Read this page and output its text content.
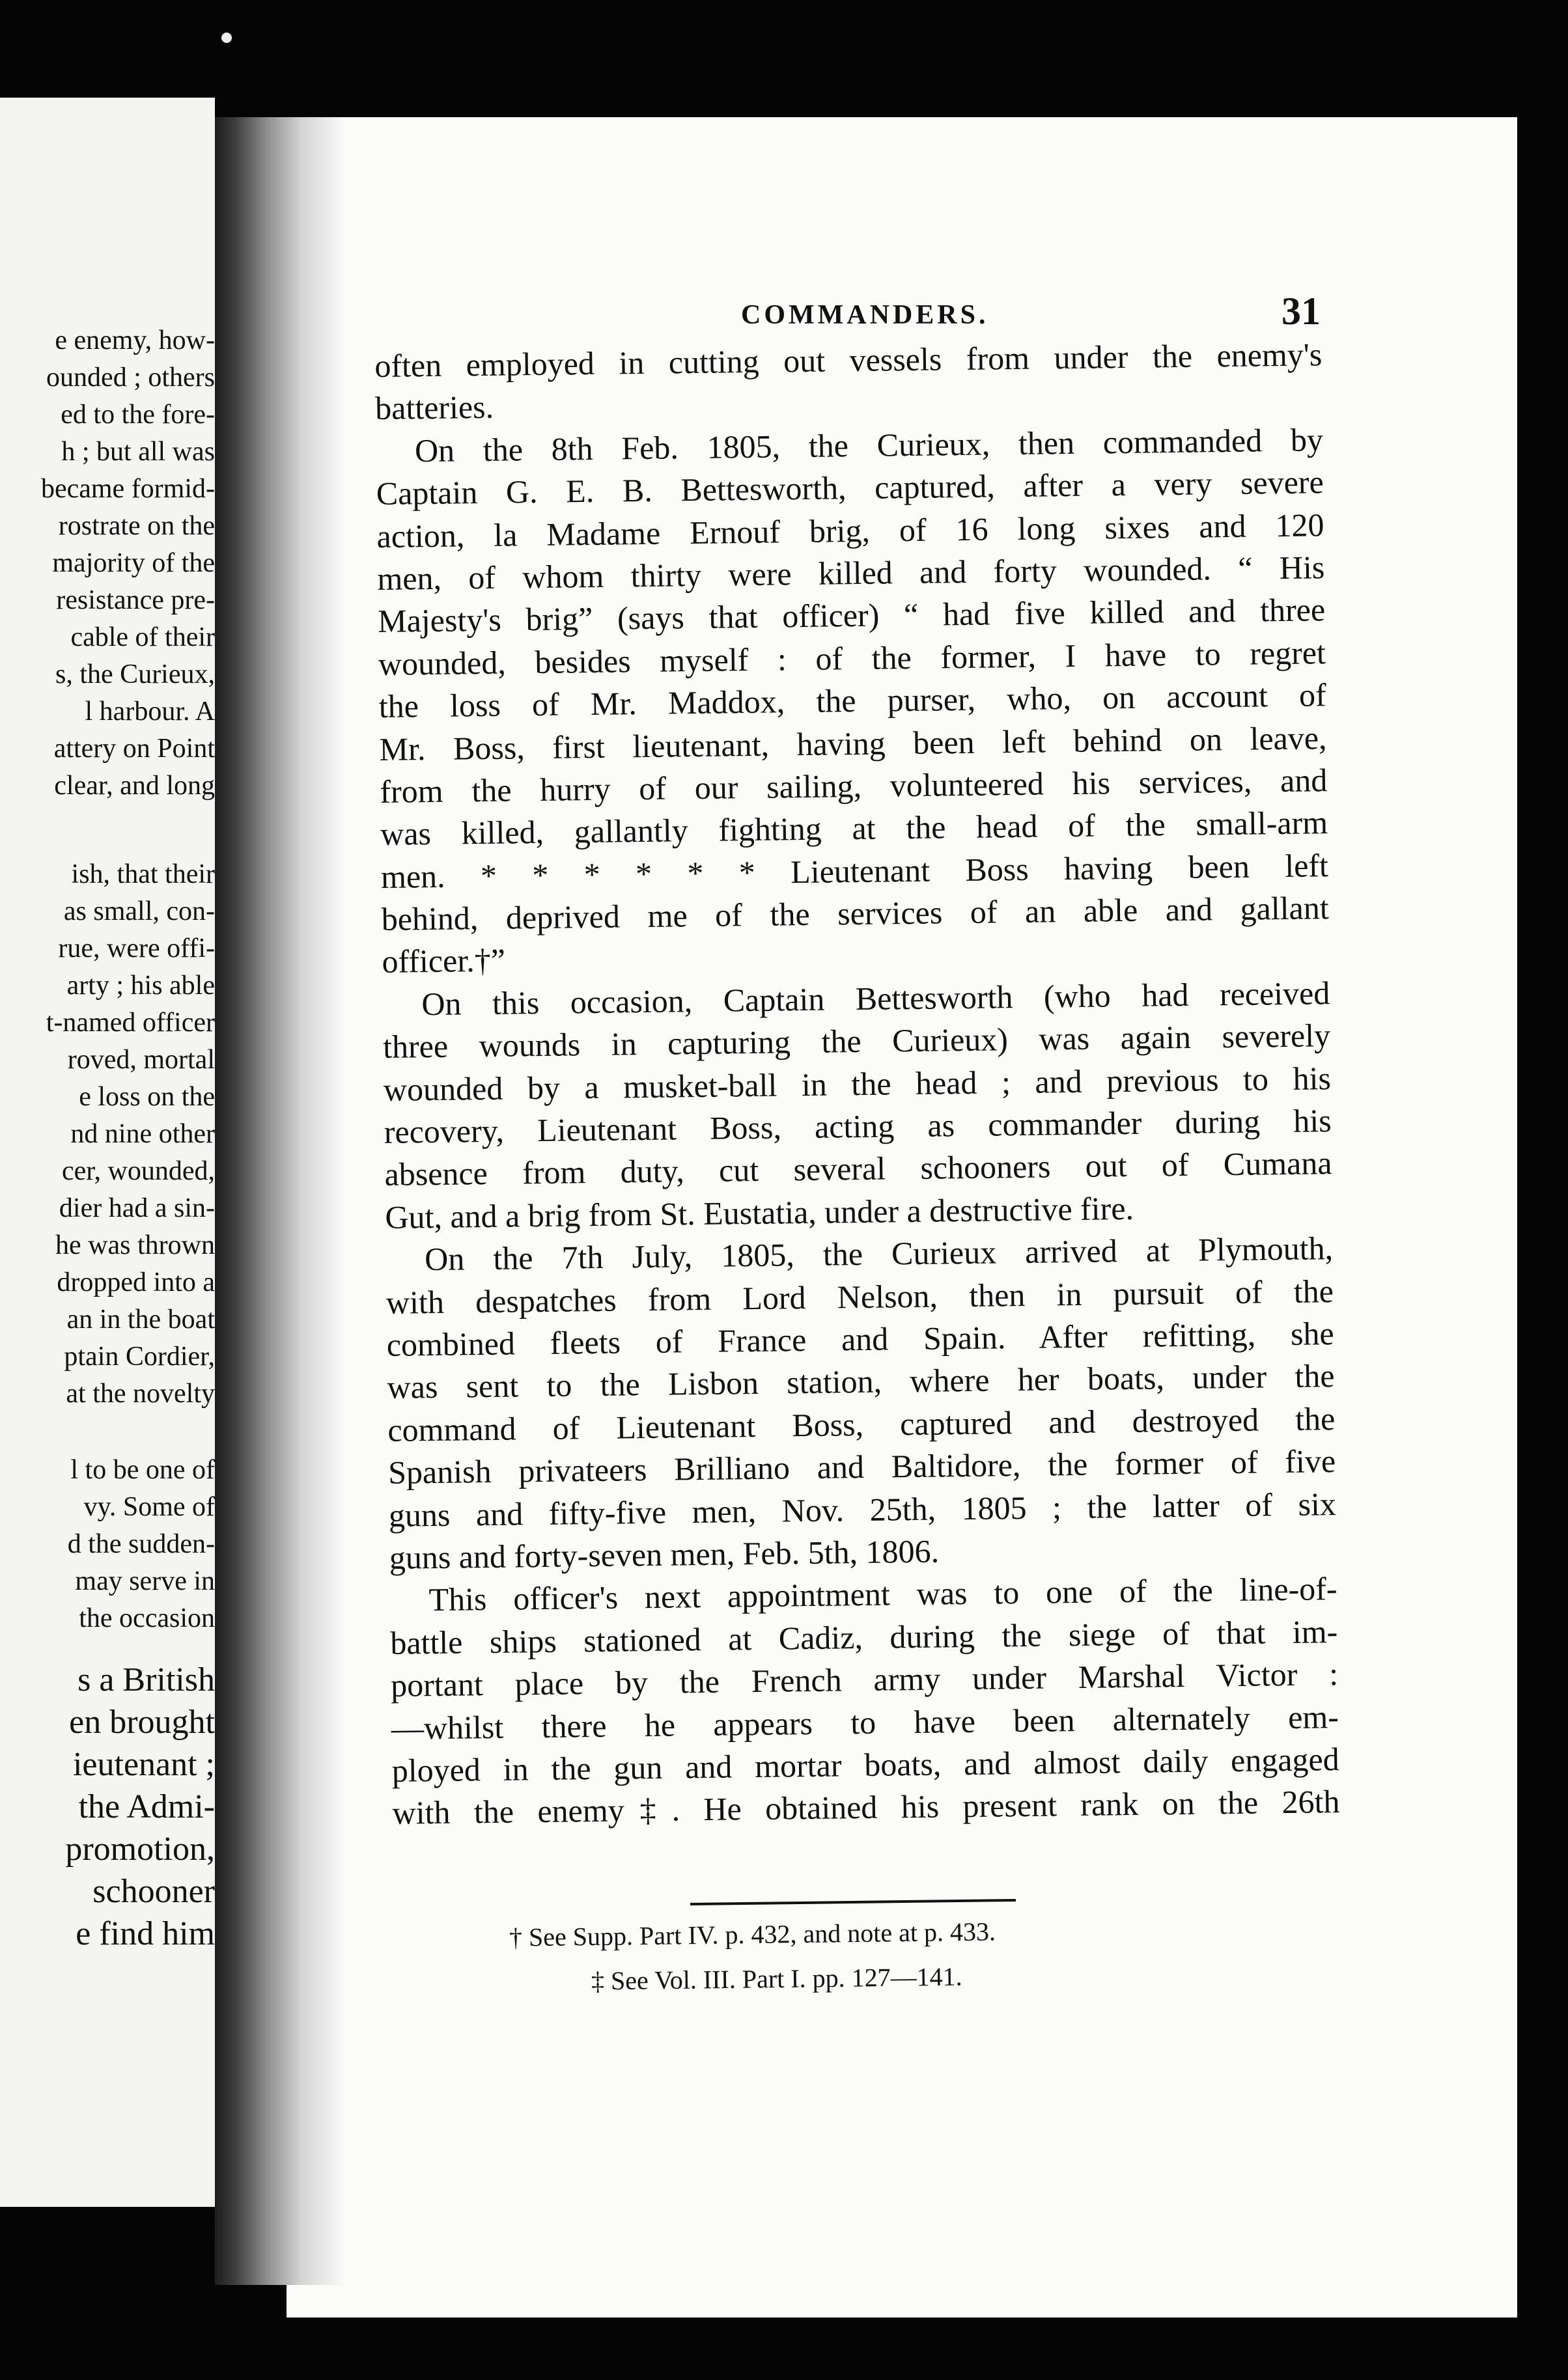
e enemy, how-
ounded ; others
ed to the fore-
h ; but all was
became formid-
rostrate on the
majority of the
resistance pre-
cable of their
s, the Curieux,
l harbour. A
attery on Point
clear, and long
ish, that their
as small, con-
rue, were offi-
arty ; his able
t-named officer
roved, mortal
e loss on the
nd nine other
cer, wounded,
dier had a sin-
he was thrown
dropped into a
an in the boat
ptain Cordier,
at the novelty
l to be one of
vy. Some of
d the sudden-
may serve in
the occasion
s a British
en brought
ieutenant ;
the Admi-
promotion,
schooner
e find him
COMMANDERS.	31
often employed in cutting out vessels from under the enemy's
batteries.
On the 8th Feb. 1805, the Curieux, then commanded by
Captain G. E. B. Bettesworth, captured, after a very severe
action, la Madame Ernouf brig, of 16 long sixes and 120
men, of whom thirty were killed and forty wounded. “ His
Majesty's brig” (says that officer) “ had five killed and three
wounded, besides myself : of the former, I have to regret
the loss of Mr. Maddox, the purser, who, on account of
Mr. Boss, first lieutenant, having been left behind on leave,
from the hurry of our sailing, volunteered his services, and
was killed, gallantly fighting at the head of the small-arm
men. * * * * * * Lieutenant Boss having been left
behind, deprived me of the services of an able and gallant
officer.†”
On this occasion, Captain Bettesworth (who had received
three wounds in capturing the Curieux) was again severely
wounded by a musket-ball in the head ; and previous to his
recovery, Lieutenant Boss, acting as commander during his
absence from duty, cut several schooners out of Cumana
Gut, and a brig from St. Eustatia, under a destructive fire.
On the 7th July, 1805, the Curieux arrived at Plymouth,
with despatches from Lord Nelson, then in pursuit of the
combined fleets of France and Spain. After refitting, she
was sent to the Lisbon station, where her boats, under the
command of Lieutenant Boss, captured and destroyed the
Spanish privateers Brilliano and Baltidore, the former of five
guns and fifty-five men, Nov. 25th, 1805 ; the latter of six
guns and forty-seven men, Feb. 5th, 1806.
This officer's next appointment was to one of the line-of-
battle ships stationed at Cadiz, during the siege of that im-
portant place by the French army under Marshal Victor :
—whilst there he appears to have been alternately em-
ployed in the gun and mortar boats, and almost daily engaged
with the enemy‡. He obtained his present rank on the 26th
† See Supp. Part IV. p. 432, and note at p. 433.
‡ See Vol. III. Part I. pp. 127—141.
